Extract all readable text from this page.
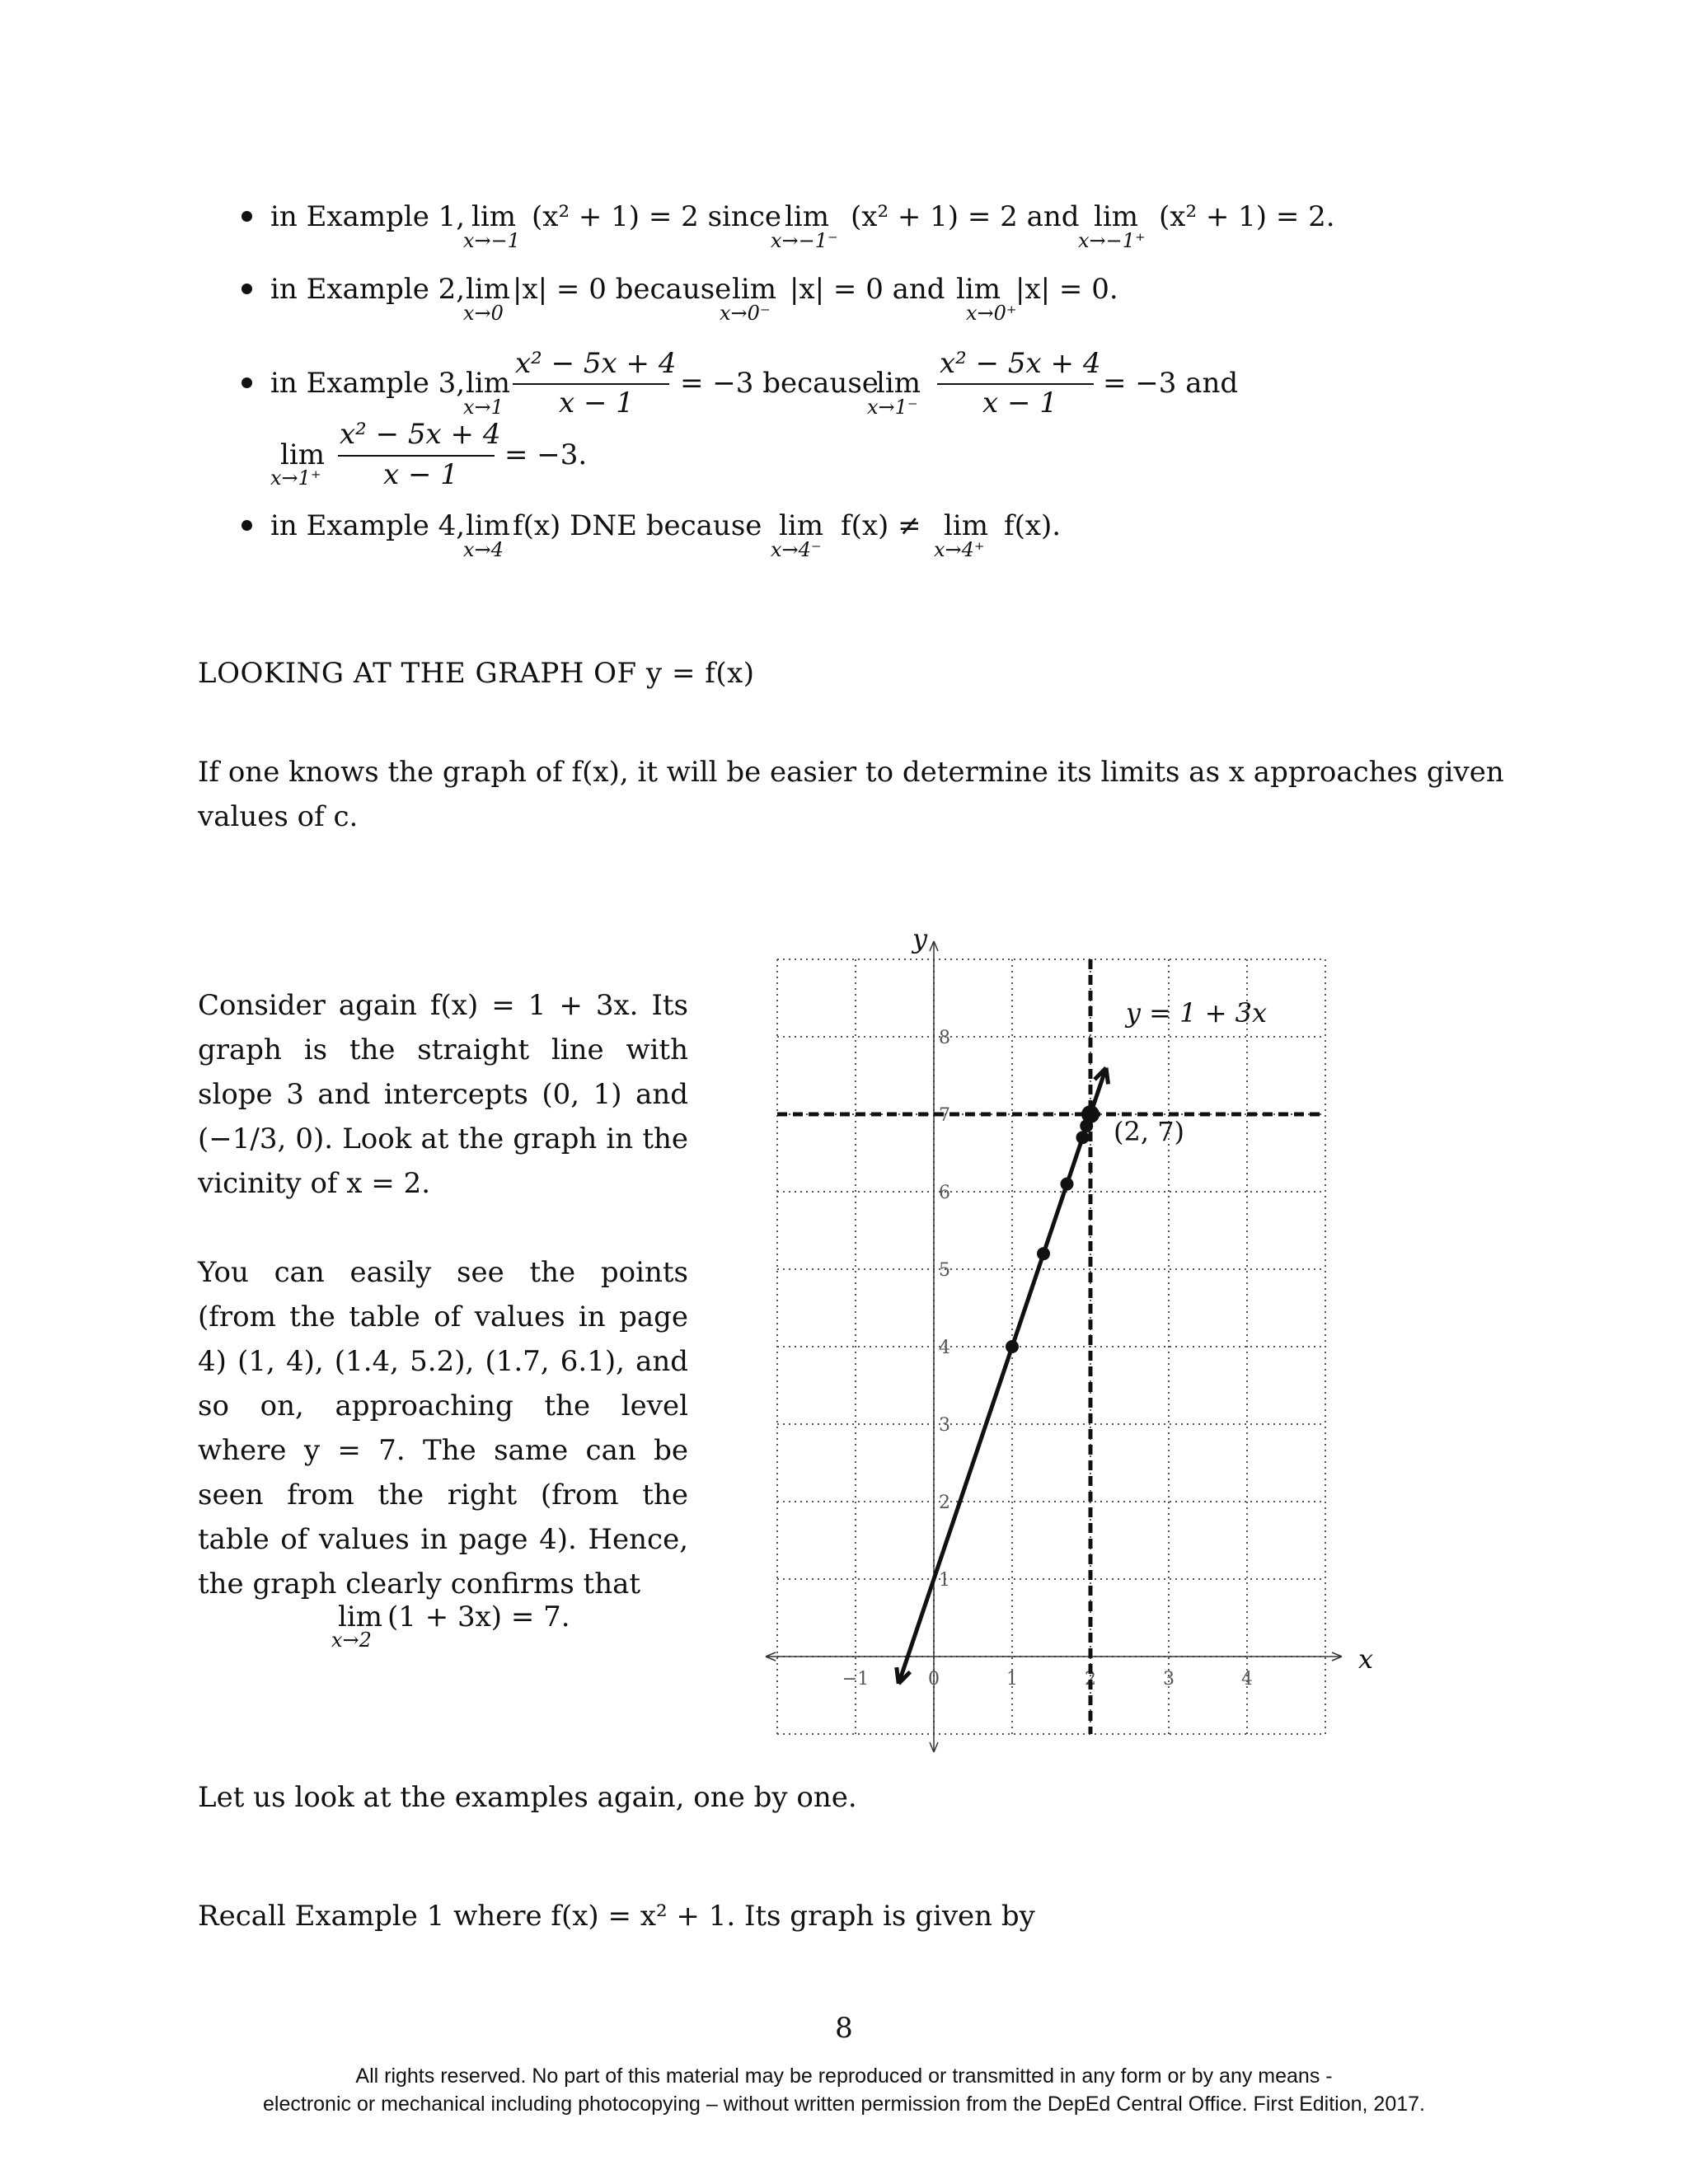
in Example 1, lim
x→−1
(x² + 1) = 2 since lim
x→−1⁻
(x² + 1) = 2 and lim
x→−1⁺
(x² + 1) = 2.
in Example 2, lim
x→0
|x| = 0 because lim
x→0⁻
|x| = 0 and lim
x→0⁺
|x| = 0.
in Example 3, lim
x→1
x² − 5x + 4
x − 1
= −3 because
lim
x→1⁻
x² − 5x + 4
x − 1
= −3 and
lim
x→1⁺
x² − 5x + 4
x − 1
= −3.
in Example 4, lim
x→4
f(x) DNE because lim
x→4⁻
f(x) ≠ lim
x→4⁺
f(x).
LOOKING AT THE GRAPH OF y = f(x)
If one knows the graph of f(x), it will be easier to determine its limits as x approaches given
values of c.

Consider again f(x) = 1 + 3x. Its graph is the straight line with slope 3 and intercepts (0, 1) and (−1/3, 0). Look at the graph in the vicinity of x = 2.

You can easily see the points (from the table of values in page 4) (1, 4), (1.4, 5.2), (1.7, 6.1), and so on, approaching the level where y = 7. The same can be seen from the right (from the table of values in page 4). Hence, the graph clearly confirms that

lim
x→2
(1 + 3x) = 7.
x
y
−1	0	1	2	3	4
1
2
3
4
5
6
7
8
(2, 7)
y = 1 + 3x
Let us look at the examples again, one by one.
Recall Example 1 where f(x) = x² + 1. Its graph is given by
8
All rights reserved. No part of this material may be reproduced or transmitted in any form or by any means -
electronic or mechanical including photocopying – without written permission from the DepEd Central Office. First Edition, 2017.
